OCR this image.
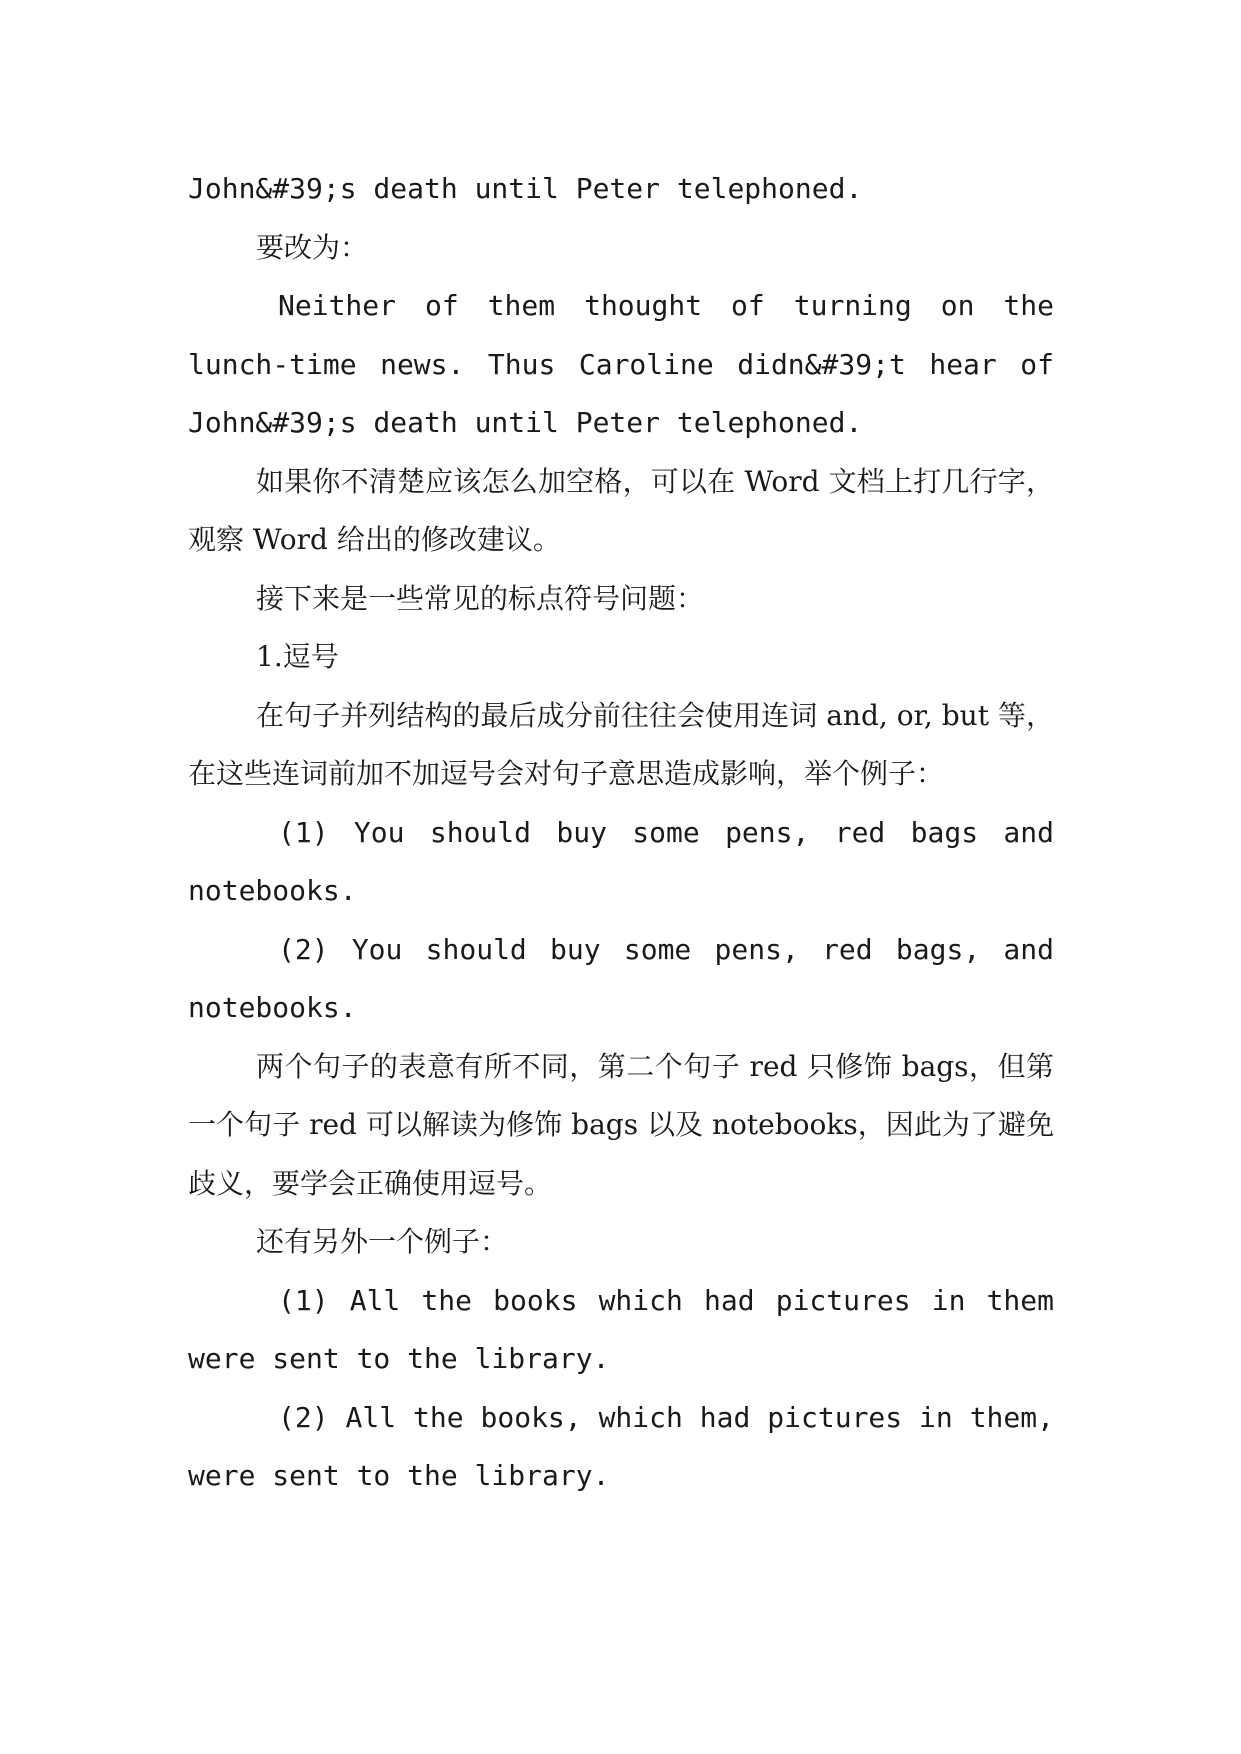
John&#39;s death until Peter telephoned.

要改为：

Neither of them thought of turning on the lunch-time news. Thus Caroline didn&#39;t hear of John&#39;s death until Peter telephoned.

如果你不清楚应该怎么加空格，可以在 Word 文档上打几行字，观察 Word 给出的修改建议。

接下来是一些常见的标点符号问题：

1.逗号

在句子并列结构的最后成分前往往会使用连词 and, or, but 等，在这些连词前加不加逗号会对句子意思造成影响，举个例子：

(1) You should buy some pens, red bags and notebooks.

(2) You should buy some pens, red bags, and notebooks.

两个句子的表意有所不同，第二个句子 red 只修饰 bags，但第一个句子 red 可以解读为修饰 bags 以及 notebooks，因此为了避免歧义，要学会正确使用逗号。

还有另外一个例子：

(1) All the books which had pictures in them were sent to the library.

(2) All the books, which had pictures in them, were sent to the library.
